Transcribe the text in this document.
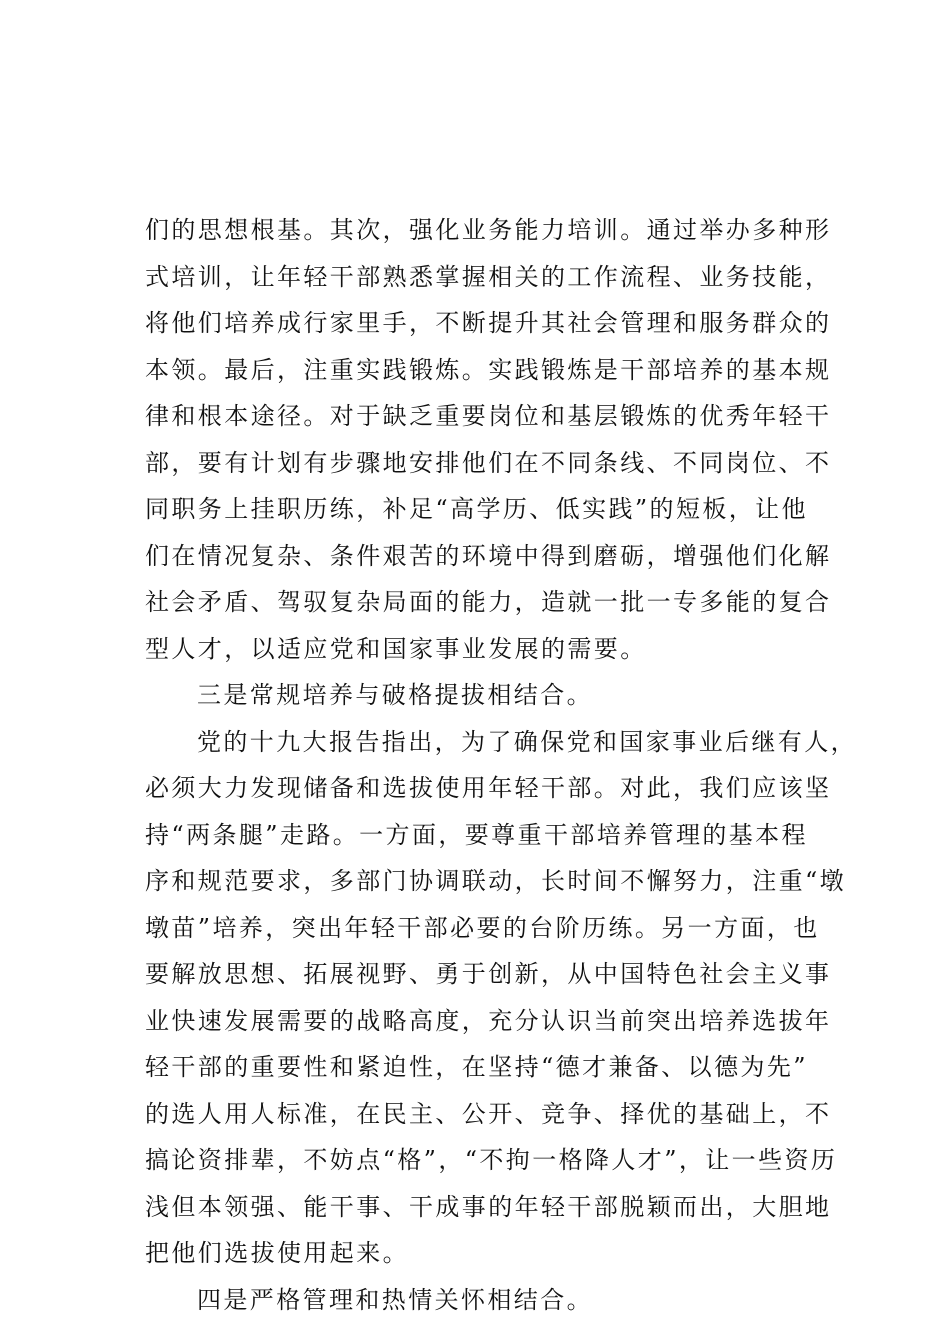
们的思想根基。其次，强化业务能力培训。通过举办多种形
式培训，让年轻干部熟悉掌握相关的工作流程、业务技能，
将他们培养成行家里手，不断提升其社会管理和服务群众的
本领。最后，注重实践锻炼。实践锻炼是干部培养的基本规
律和根本途径。对于缺乏重要岗位和基层锻炼的优秀年轻干
部，要有计划有步骤地安排他们在不同条线、不同岗位、不
同职务上挂职历练，补足“高学历、低实践”的短板，让他
们在情况复杂、条件艰苦的环境中得到磨砺，增强他们化解
社会矛盾、驾驭复杂局面的能力，造就一批一专多能的复合
型人才，以适应党和国家事业发展的需要。
三是常规培养与破格提拔相结合。
党的十九大报告指出，为了确保党和国家事业后继有人，
必须大力发现储备和选拔使用年轻干部。对此，我们应该坚
持“两条腿”走路。一方面，要尊重干部培养管理的基本程
序和规范要求，多部门协调联动，长时间不懈努力，注重“墩
墩苗”培养，突出年轻干部必要的台阶历练。另一方面，也
要解放思想、拓展视野、勇于创新，从中国特色社会主义事
业快速发展需要的战略高度，充分认识当前突出培养选拔年
轻干部的重要性和紧迫性，在坚持“德才兼备、以德为先”
的选人用人标准，在民主、公开、竞争、择优的基础上，不
搞论资排辈，不妨点“格”，“不拘一格降人才”，让一些资历
浅但本领强、能干事、干成事的年轻干部脱颖而出，大胆地
把他们选拔使用起来。
四是严格管理和热情关怀相结合。
